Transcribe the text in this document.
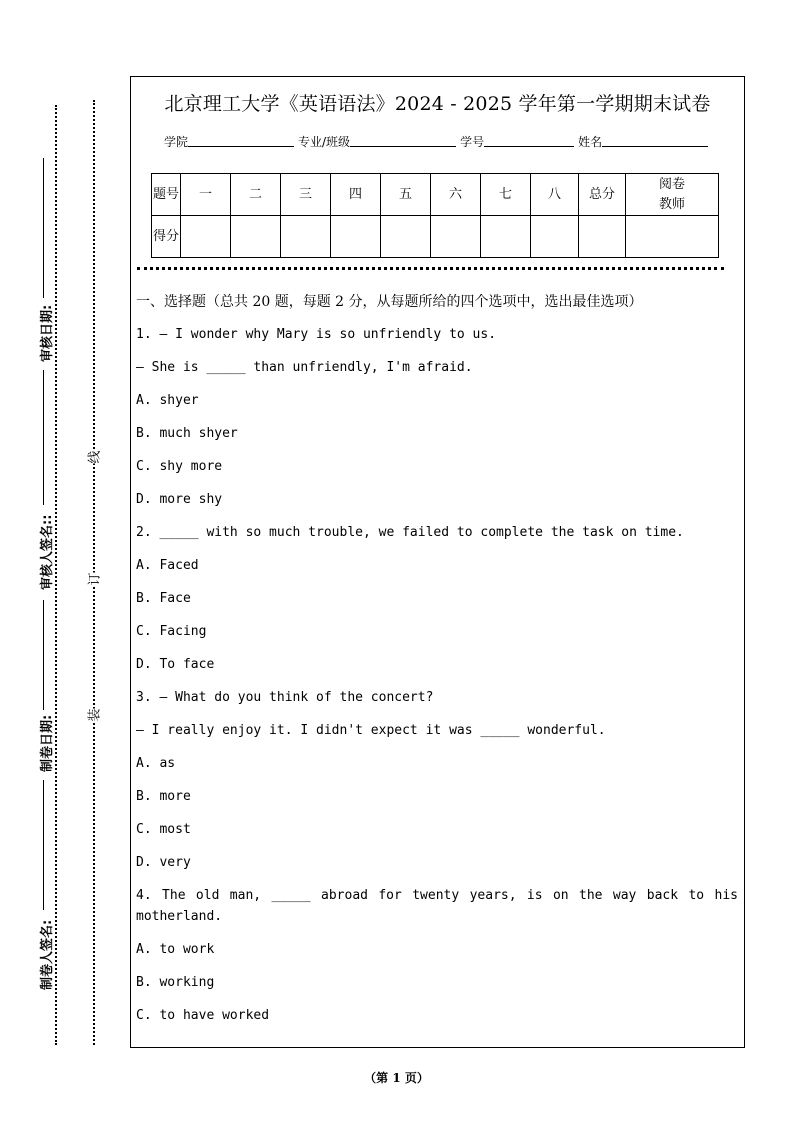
审核日期:
审核人签名::
制卷日期:
制卷人签名:
线
订
装
北京理工大学《英语语法》2024 - 2025 学年第一学期期末试卷
学院	专业/班级	学号	姓名
题号	一	二	三	四	五	六	七	八	总分	阅卷教师
得分										
一、选择题（总共 20 题，每题 2 分，从每题所给的四个选项中，选出最佳选项）
1. — I wonder why Mary is so unfriendly to us.
— She is _____ than unfriendly, I'm afraid.
A. shyer
B. much shyer
C. shy more
D. more shy
2. _____ with so much trouble, we failed to complete the task on time.
A. Faced
B. Face
C. Facing
D. To face
3. — What do you think of the concert?
— I really enjoy it. I didn't expect it was _____ wonderful.
A. as
B. more
C. most
D. very
4. The old man, _____ abroad for twenty years, is on the way back to his motherland.
A. to work
B. working
C. to have worked
（第 1 页）
